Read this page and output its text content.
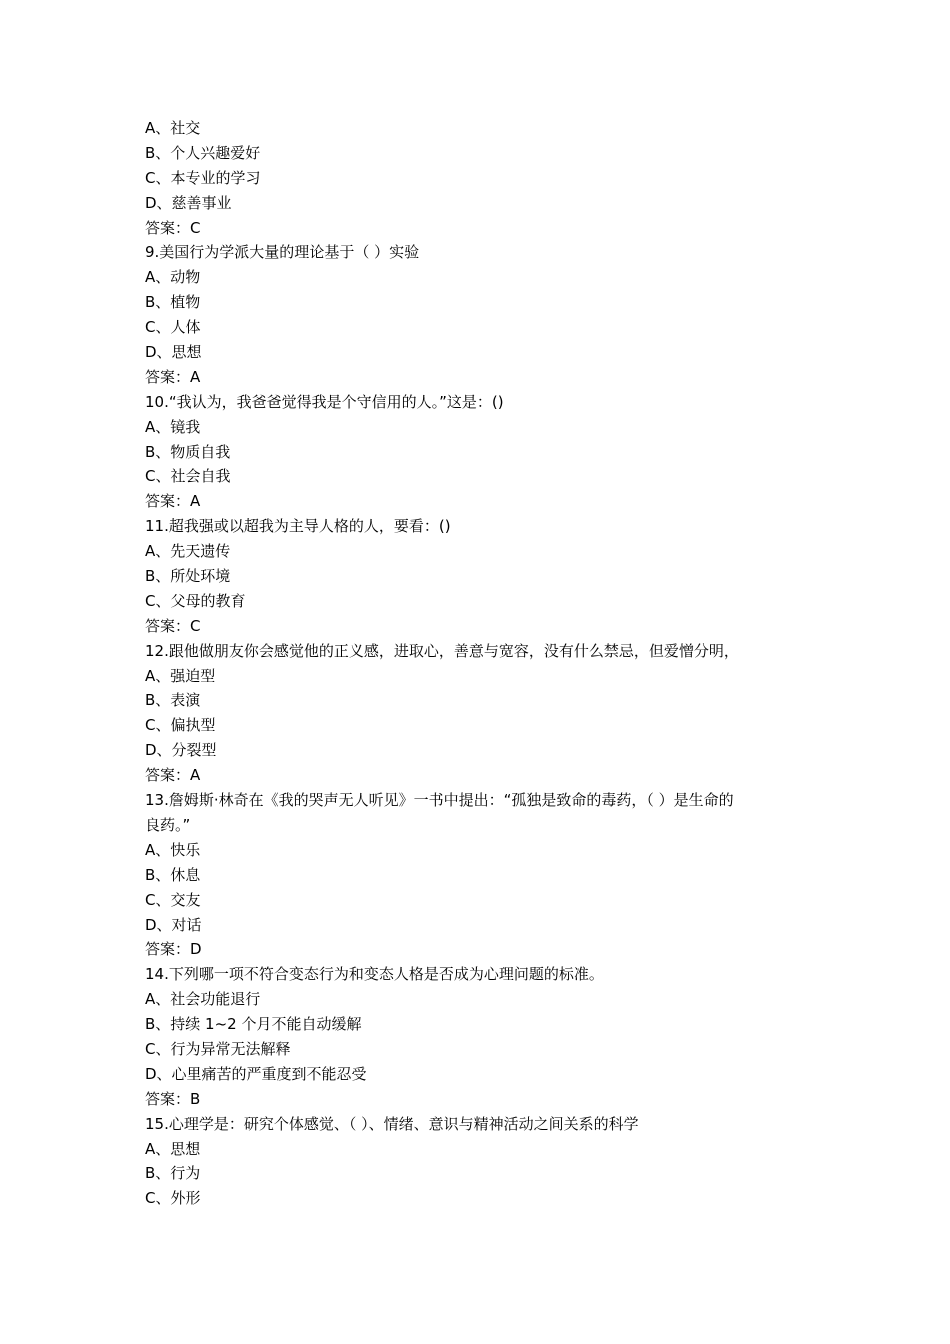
A、社交
B、个人兴趣爱好
C、本专业的学习
D、慈善事业
答案：C
9.美国行为学派大量的理论基于（ ）实验
A、动物
B、植物
C、人体
D、思想
答案：A
10.“我认为，我爸爸觉得我是个守信用的人。”这是：()
A、镜我
B、物质自我
C、社会自我
答案：A
11.超我强或以超我为主导人格的人，要看：()
A、先天遗传
B、所处环境
C、父母的教育
答案：C
12.跟他做朋友你会感觉他的正义感，进取心，善意与宽容，没有什么禁忌，但爱憎分明，
A、强迫型
B、表演
C、偏执型
D、分裂型
答案：A
13.詹姆斯·林奇在《我的哭声无人听见》一书中提出：“孤独是致命的毒药，（ ）是生命的
良药。”
A、快乐
B、休息
C、交友
D、对话
答案：D
14.下列哪一项不符合变态行为和变态人格是否成为心理问题的标准。
A、社会功能退行
B、持续 1~2 个月不能自动缓解
C、行为异常无法解释
D、心里痛苦的严重度到不能忍受
答案：B
15.心理学是：研究个体感觉、（ ）、情绪、意识与精神活动之间关系的科学
A、思想
B、行为
C、外形
